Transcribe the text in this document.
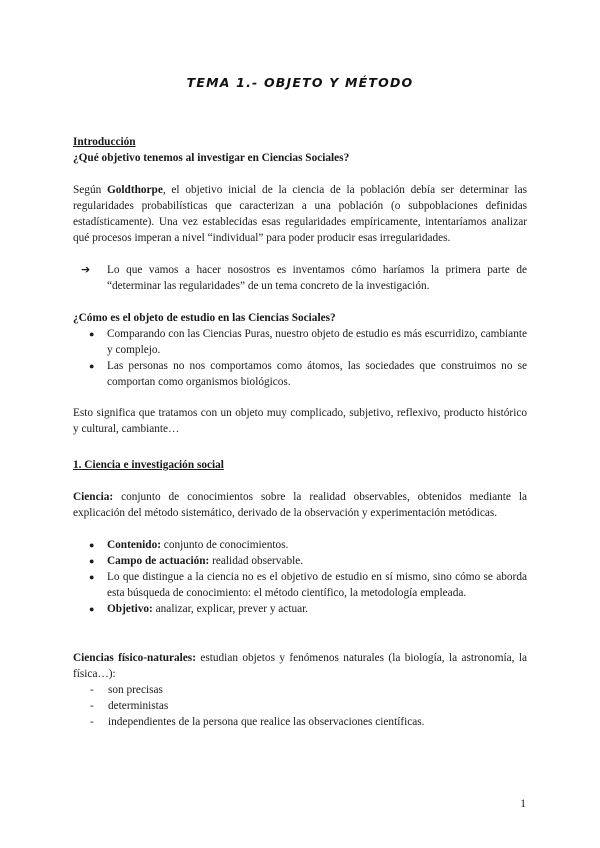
TEMA 1.- OBJETO Y MÉTODO
Introducción
¿Qué objetivo tenemos al investigar en Ciencias Sociales?

Según Goldthorpe, el objetivo inicial de la ciencia de la población debía ser determinar las regularidades probabilísticas que caracterizan a una población (o subpoblaciones definidas estadísticamente). Una vez establecidas esas regularidades empíricamente, intentaríamos analizar qué procesos imperan a nivel “individual” para poder producir esas irregularidades.

➔	Lo que vamos a hacer nosostros es inventamos cómo haríamos la primera parte de “determinar las regularidades” de un tema concreto de la investigación.
¿Cómo es el objeto de estudio en las Ciencias Sociales?
●	Comparando con las Ciencias Puras, nuestro objeto de estudio es más escurridizo, cambiante y complejo.
●	Las personas no nos comportamos como átomos, las sociedades que construimos no se comportan como organismos biológicos.

Esto significa que tratamos con un objeto muy complicado, subjetivo, reflexivo, producto histórico y cultural, cambiante…

1. Ciencia e investigación social

Ciencia: conjunto de conocimientos sobre la realidad observables, obtenidos mediante la explicación del método sistemático, derivado de la observación y experimentación metódicas.

●	Contenido: conjunto de conocimientos.
●	Campo de actuación: realidad observable.
●	Lo que distingue a la ciencia no es el objetivo de estudio en sí mismo, sino cómo se aborda esta búsqueda de conocimiento: el método científico, la metodología empleada.
●	Objetivo: analizar, explicar, prever y actuar.

Ciencias físico-naturales: estudian objetos y fenómenos naturales (la biología, la astronomía, la física…):

-	son precisas
-	deterministas
-	independientes de la persona que realice las observaciones científicas.
1
